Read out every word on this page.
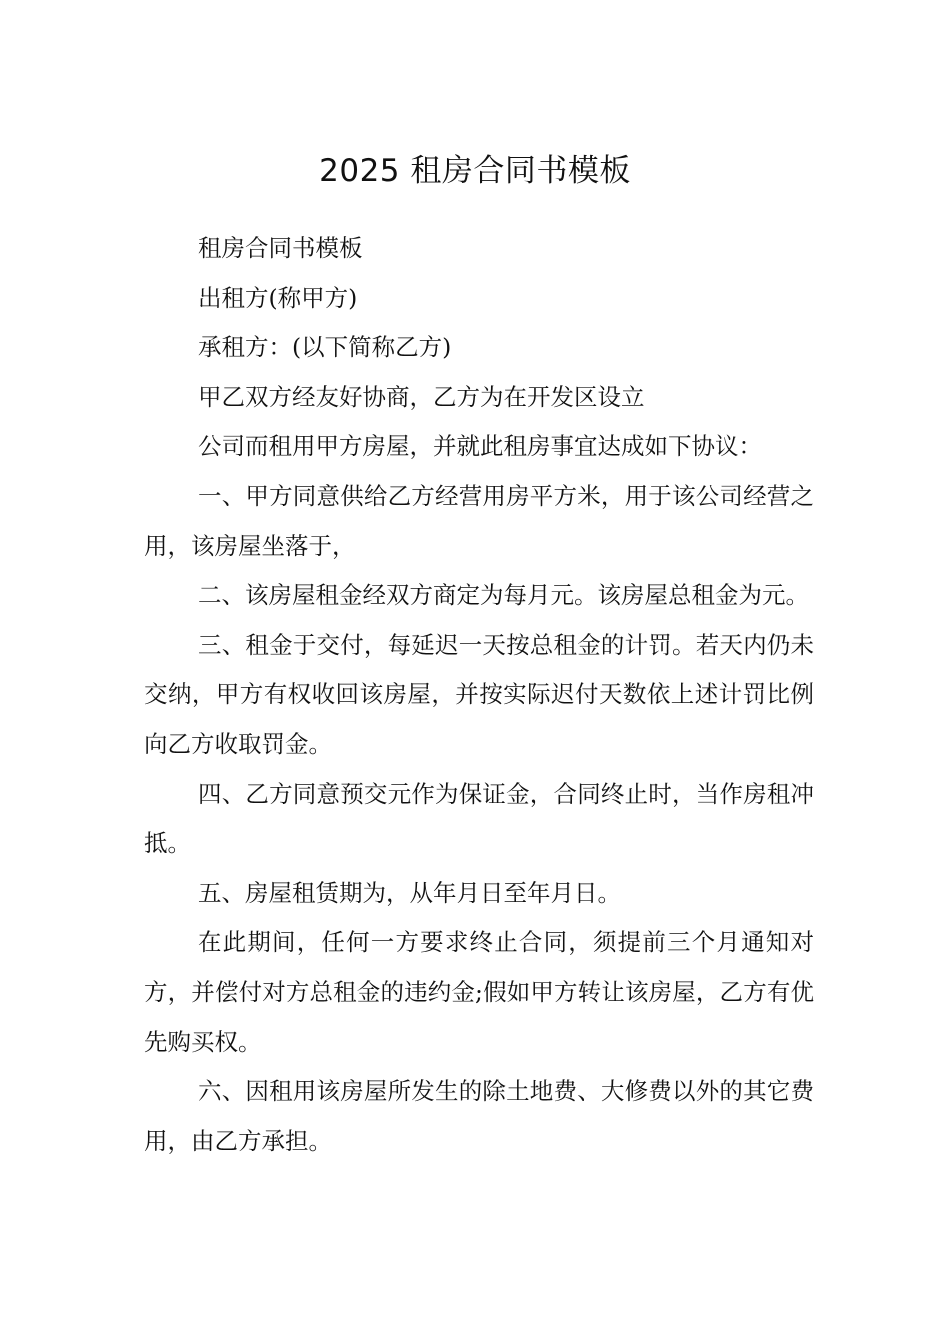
2025 租房合同书模板

租房合同书模板

出租方(称甲方)

承租方：(以下简称乙方)

甲乙双方经友好协商，乙方为在开发区设立

公司而租用甲方房屋，并就此租房事宜达成如下协议：

一、甲方同意供给乙方经营用房平方米，用于该公司经营之用，该房屋坐落于，

二、该房屋租金经双方商定为每月元。该房屋总租金为元。

三、租金于交付，每延迟一天按总租金的计罚。若天内仍未交纳，甲方有权收回该房屋，并按实际迟付天数依上述计罚比例向乙方收取罚金。

四、乙方同意预交元作为保证金，合同终止时，当作房租冲抵。

五、房屋租赁期为，从年月日至年月日。

在此期间，任何一方要求终止合同，须提前三个月通知对方，并偿付对方总租金的违约金;假如甲方转让该房屋，乙方有优先购买权。

六、因租用该房屋所发生的除土地费、大修费以外的其它费用，由乙方承担。
